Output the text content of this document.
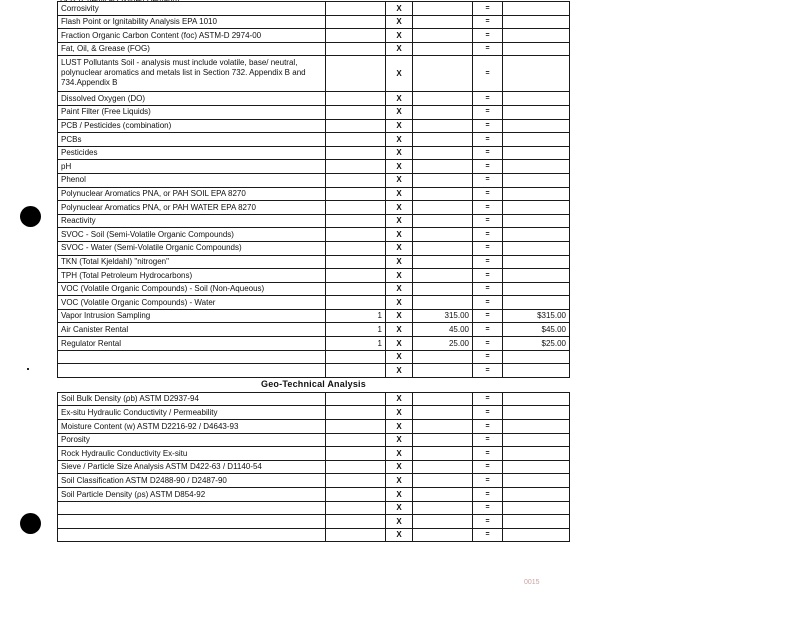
Corrosivity		X		=	
Flash Point or Ignitability Analysis EPA 1010		X		=	
Fraction Organic Carbon Content (foc) ASTM-D 2974-00		X		=	
Fat, Oil, & Grease (FOG)		X		=	
LUST Pollutants Soil - analysis must include volatile, base/ neutral, polynuclear aromatics and metals list in Section 732. Appendix B and 734.Appendix B		X		=	
Dissolved Oxygen (DO)		X		=	
Paint Filter (Free Liquids)		X		=	
PCB / Pesticides (combination)		X		=	
PCBs		X		=	
Pesticides		X		=	
pH		X		=	
Phenol		X		=	
Polynuclear Aromatics PNA, or PAH SOIL EPA 8270		X		=	
Polynuclear Aromatics PNA, or PAH WATER EPA 8270		X		=	
Reactivity		X		=	
SVOC - Soil (Semi-Volatile Organic Compounds)		X		=	
SVOC - Water (Semi-Volatile Organic Compounds)		X		=	
TKN (Total Kjeldahl) "nitrogen"		X		=	
TPH (Total Petroleum Hydrocarbons)		X		=	
VOC (Volatile Organic Compounds) - Soil (Non-Aqueous)		X		=	
VOC (Volatile Organic Compounds) - Water		X		=	
Vapor Intrusion Sampling	1	X	315.00	=	$315.00
Air Canister Rental	1	X	45.00	=	$45.00
Regulator Rental	1	X	25.00	=	$25.00
		X		=	
		X		=	
Geo-Technical Analysis					
Soil Bulk Density (ρb) ASTM D2937-94		X		=	
Ex-situ Hydraulic Conductivity / Permeability		X		=	
Moisture Content (w) ASTM D2216-92 / D4643-93		X		=	
Porosity		X		=	
Rock Hydraulic Conductivity Ex-situ		X		=	
Sieve / Particle Size Analysis ASTM D422-63 / D1140-54		X		=	
Soil Classification ASTM D2488-90 / D2487-90		X		=	
Soil Particle Density (ρs) ASTM D854-92		X		=	
		X		=	
		X		=	
		X		=	
0015
